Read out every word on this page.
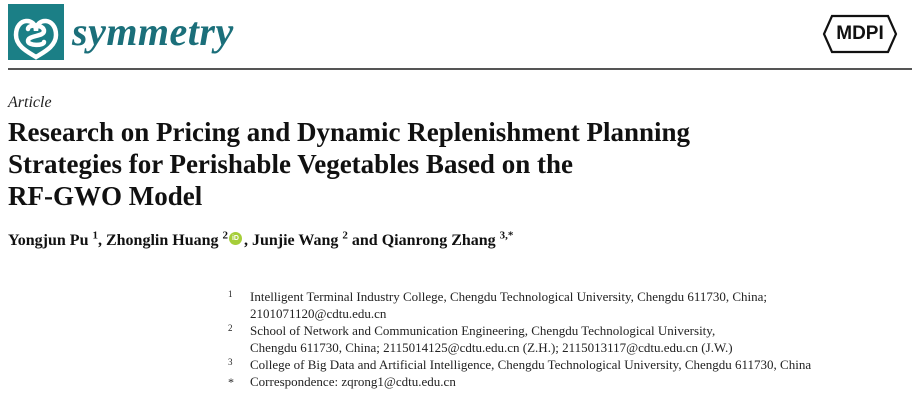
symmetry	MDPI
Article
Research on Pricing and Dynamic Replenishment Planning
Strategies for Perishable Vegetables Based on the
RF-GWO Model
Yongjun Pu $^1$, Zhonglin Huang $^2$ iD , Junjie Wang $^2$ and Qianrong Zhang $^{3,*}$
1 Intelligent Terminal Industry College, Chengdu Technological University, Chengdu 611730, China;
2101071120@cdtu.edu.cn
2 School of Network and Communication Engineering, Chengdu Technological University,
Chengdu 611730, China; 2115014125@cdtu.edu.cn (Z.H.); 2115013117@cdtu.edu.cn (J.W.)
3 College of Big Data and Artificial Intelligence, Chengdu Technological University, Chengdu 611730, China
* Correspondence: zqrong1@cdtu.edu.cn
